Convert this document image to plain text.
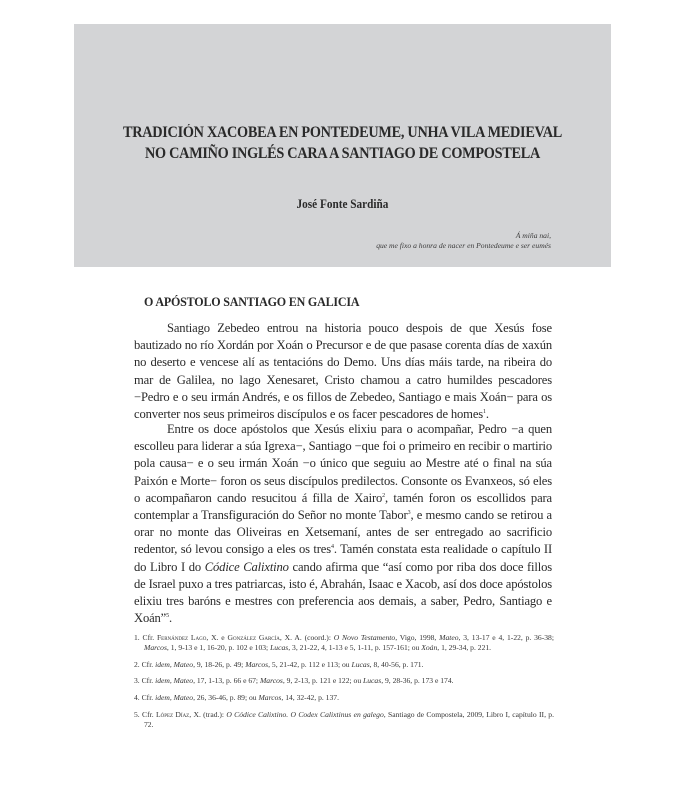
TRADICIÓN XACOBEA EN PONTEDEUME, UNHA VILA MEDIEVAL
NO CAMIÑO INGLÉS CARA A SANTIAGO DE COMPOSTELA
José Fonte Sardiña
Á miña nai,
que me fixo a honra de nacer en Pontedeume e ser eumés
O APÓSTOLO SANTIAGO EN GALICIA
Santiago Zebedeo entrou na historia pouco despois de que Xesús fose bautizado no río Xordán por Xoán o Precursor e de que pasase corenta días de xaxún no deserto e vencese alí as tentacións do Demo. Uns días máis tarde, na ribeira do mar de Galilea, no lago Xenesaret, Cristo chamou a catro humildes pescadores −Pedro e o seu irmán Andrés, e os fillos de Zebedeo, Santiago e mais Xoán− para os converter nos seus primeiros discípulos e os facer pescadores de homes$^1$.
Entre os doce apóstolos que Xesús elixiu para o acompañar, Pedro −a quen escolleu para liderar a súa Igrexa−, Santiago −que foi o primeiro en recibir o martirio pola causa− e o seu irmán Xoán −o único que seguiu ao Mestre até o final na súa Paixón e Morte− foron os seus discípulos predilectos. Consonte os Evanxeos, só eles o acompañaron cando resucitou á filla de Xairo$^2$, tamén foron os escollidos para contemplar a Transfiguración do Señor no monte Tabor$^3$, e mesmo cando se retirou a orar no monte das Oliveiras en Xetsemaní, antes de ser entregado ao sacrificio redentor, só levou consigo a eles os tres$^4$. Tamén constata esta realidade o capítulo II do Libro I do Códice Calixtino cando afirma que “así como por riba dos doce fillos de Israel puxo a tres patriarcas, isto é, Abrahán, Isaac e Xacob, así dos doce apóstolos elixiu tres baróns e mestres con preferencia aos demais, a saber, Pedro, Santiago e Xoán”$^5$.
1. Cfr. Fernández Lago, X. e González García, X. A. (coord.): O Novo Testamento, Vigo, 1998, Mateo, 3, 13-17 e 4, 1-22, p. 36-38; Marcos, 1, 9-13 e 1, 16-20, p. 102 e 103; Lucas, 3, 21-22, 4, 1-13 e 5, 1-11, p. 157-161; ou Xoán, 1, 29-34, p. 221.
2. Cfr. idem, Mateo, 9, 18-26, p. 49; Marcos, 5, 21-42, p. 112 e 113; ou Lucas, 8, 40-56, p. 171.
3. Cfr. idem, Mateo, 17, 1-13, p. 66 e 67; Marcos, 9, 2-13, p. 121 e 122; ou Lucas, 9, 28-36, p. 173 e 174.
4. Cfr. idem, Mateo, 26, 36-46, p. 89; ou Marcos, 14, 32-42, p. 137.
5. Cfr. López Díaz, X. (trad.): O Códice Calixtino. O Codex Calixtinus en galego, Santiago de Compostela, 2009, Libro I, capítulo II, p. 72.
